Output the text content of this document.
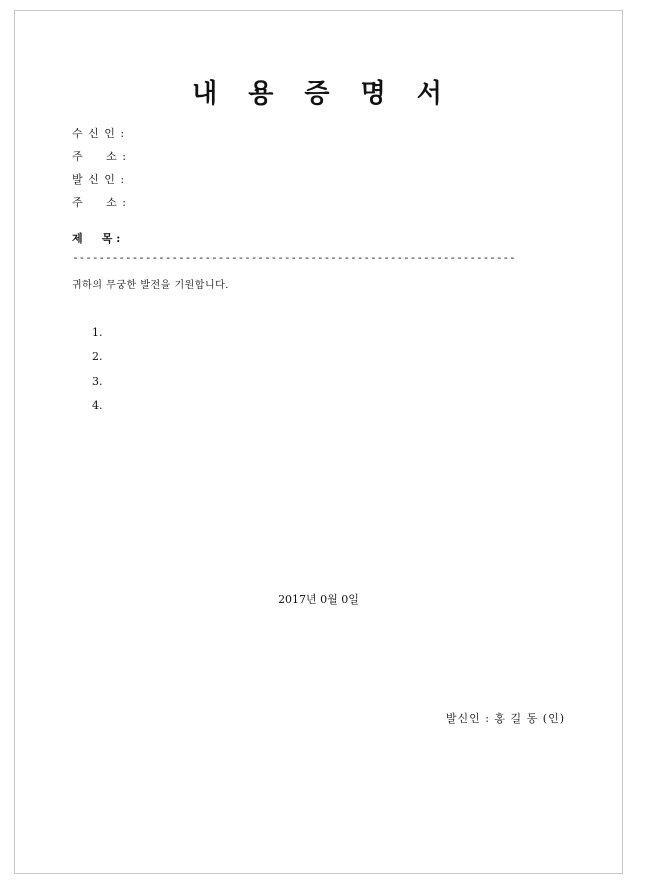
내 용 증 명 서
수 신 인 :
주     소 :
발 신 인 :
주     소 :
제     목 :
-------------------------------------------------------------------
귀하의 무궁한 발전을 기원합니다.
1.
2.
3.
4.
2017년 0월 0일
발신인 : 홍 길 동 (인)
